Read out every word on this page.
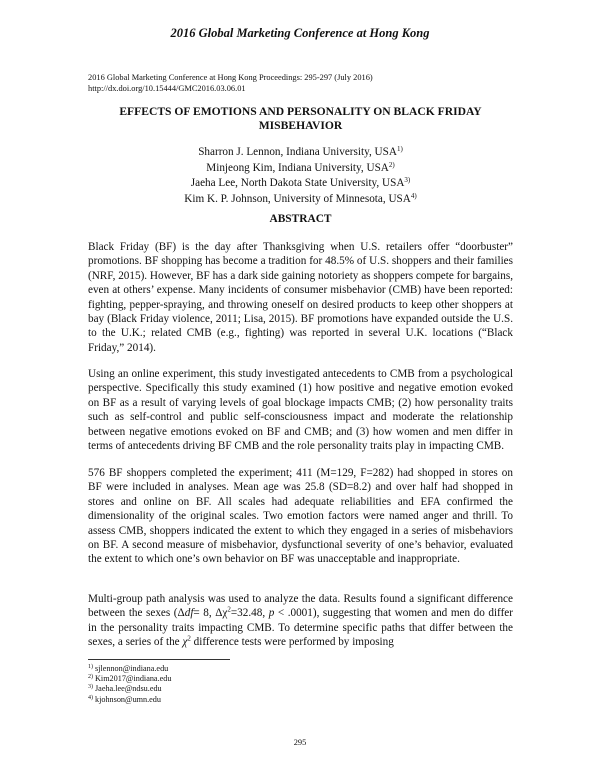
2016 Global Marketing Conference at Hong Kong
2016 Global Marketing Conference at Hong Kong Proceedings: 295-297 (July 2016)
http://dx.doi.org/10.15444/GMC2016.03.06.01
EFFECTS OF EMOTIONS AND PERSONALITY ON BLACK FRIDAY
MISBEHAVIOR
Sharron J. Lennon, Indiana University, USA$^{1)}$
Minjeong Kim, Indiana University, USA$^{2)}$
Jaeha Lee, North Dakota State University, USA$^{3)}$
Kim K. P. Johnson, University of Minnesota, USA$^{4)}$
ABSTRACT

Black Friday (BF) is the day after Thanksgiving when U.S. retailers offer “doorbuster” promotions. BF shopping has become a tradition for 48.5% of U.S. shoppers and their families (NRF, 2015). However, BF has a dark side gaining notoriety as shoppers compete for bargains, even at others’ expense. Many incidents of consumer misbehavior (CMB) have been reported: fighting, pepper-spraying, and throwing oneself on desired products to keep other shoppers at bay (Black Friday violence, 2011; Lisa, 2015). BF promotions have expanded outside the U.S. to the U.K.; related CMB (e.g., fighting) was reported in several U.K. locations (“Black Friday,” 2014).

Using an online experiment, this study investigated antecedents to CMB from a psychological perspective. Specifically this study examined (1) how positive and negative emotion evoked on BF as a result of varying levels of goal blockage impacts CMB; (2) how personality traits such as self-control and public self-consciousness impact and moderate the relationship between negative emotions evoked on BF and CMB; and (3) how women and men differ in terms of antecedents driving BF CMB and the role personality traits play in impacting CMB.

576 BF shoppers completed the experiment; 411 (M=129, F=282) had shopped in stores on BF were included in analyses. Mean age was 25.8 (SD=8.2) and over half had shopped in stores and online on BF. All scales had adequate reliabilities and EFA confirmed the dimensionality of the original scales. Two emotion factors were named anger and thrill. To assess CMB, shoppers indicated the extent to which they engaged in a series of misbehaviors on BF. A second measure of misbehavior, dysfunctional severity of one’s behavior, evaluated the extent to which one’s own behavior on BF was unacceptable and inappropriate.

Multi-group path analysis was used to analyze the data. Results found a significant difference between the sexes (Δdf= 8, $\Delta\chi^2=32.48$, p < .0001), suggesting that women and men do differ in the personality traits impacting CMB. To determine specific paths that differ between the sexes, a series of the $\chi^2$ difference tests were performed by imposing

$^{1)}$ sjlennon@indiana.edu
$^{2)}$ Kim2017@indiana.edu
$^{3)}$ Jaeha.lee@ndsu.edu
$^{4)}$ kjohnson@umn.edu
295
